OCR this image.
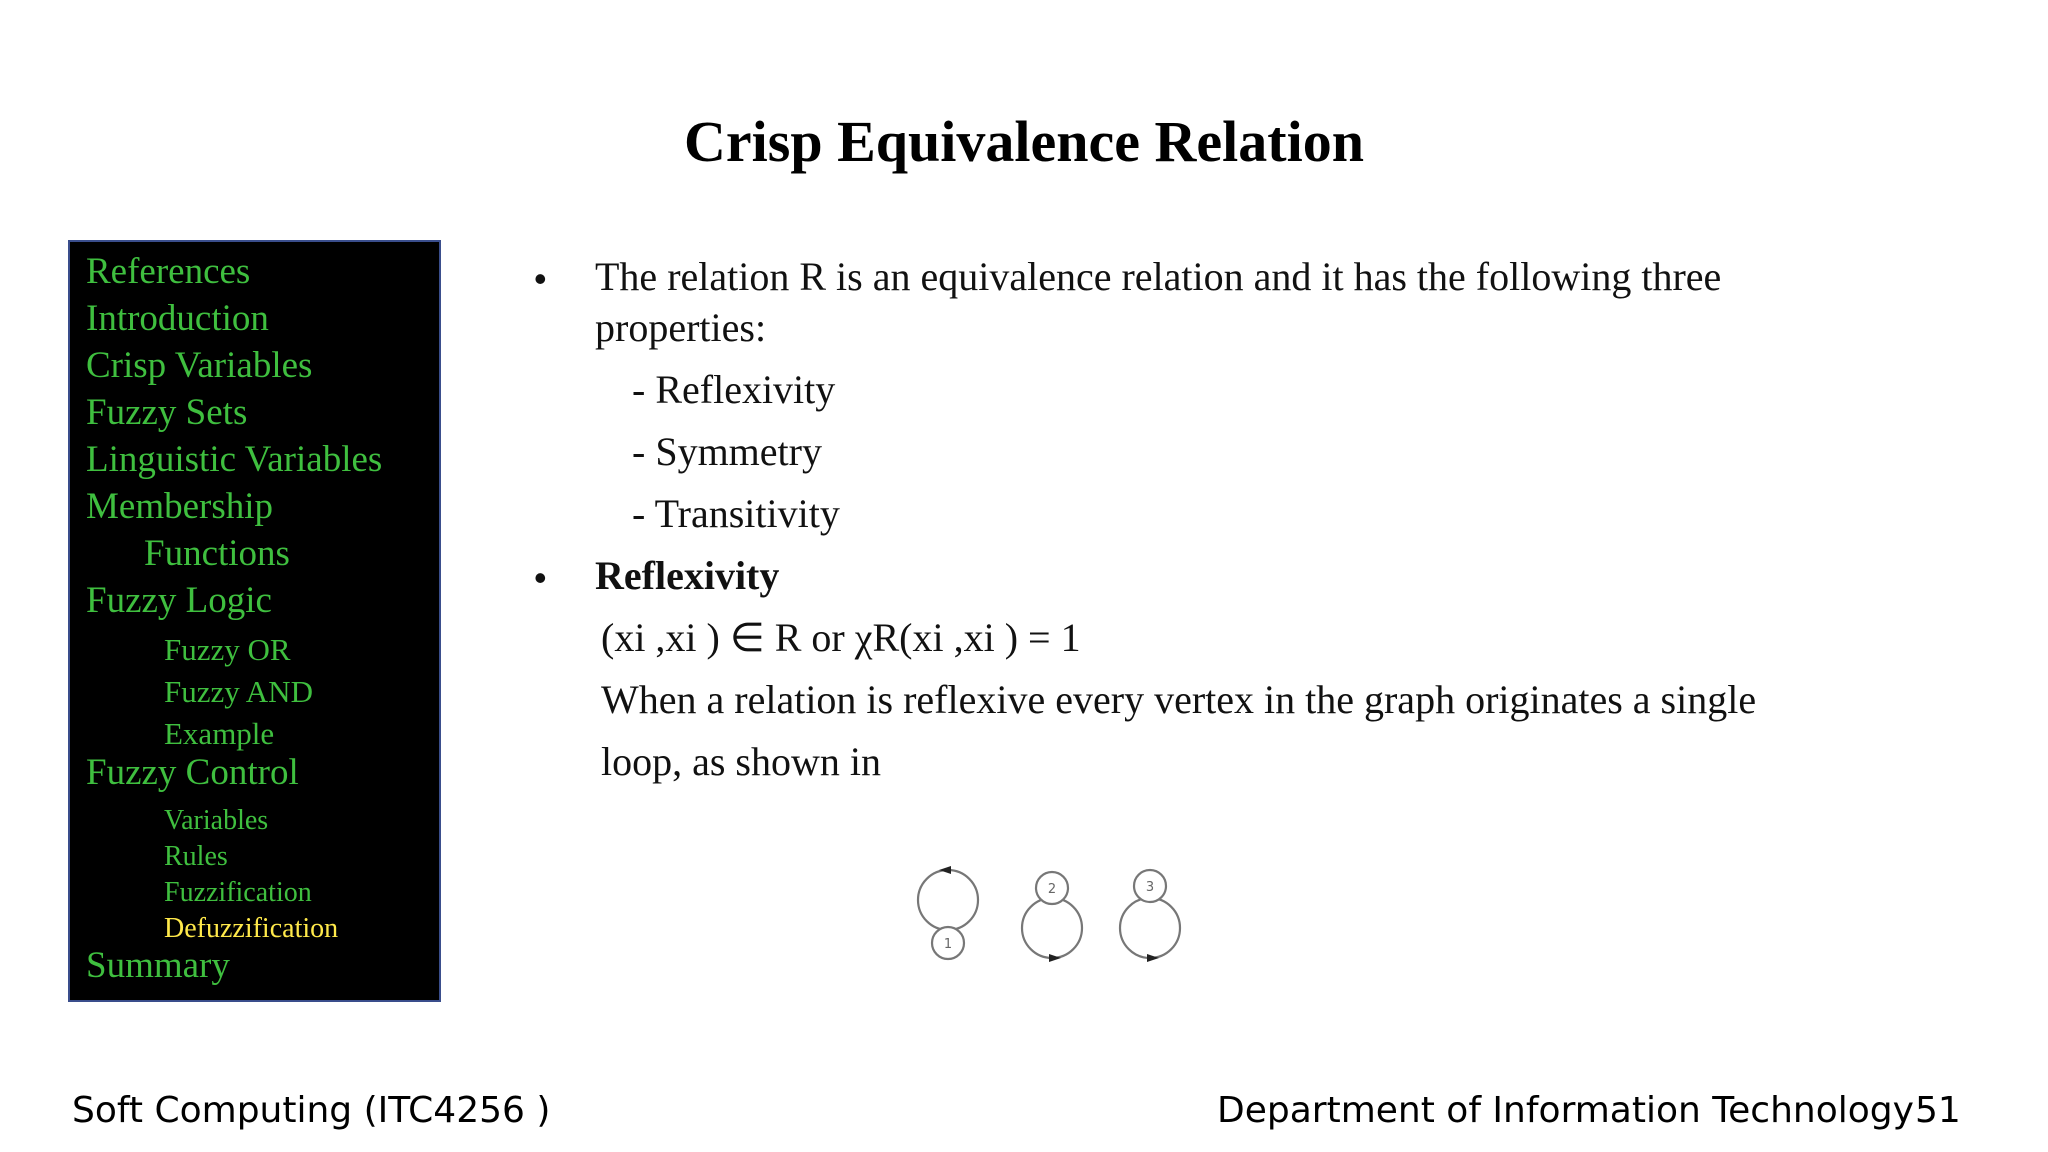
Crisp Equivalence Relation
References
Introduction
Crisp Variables
Fuzzy Sets
Linguistic Variables
Membership
Functions
Fuzzy Logic
Fuzzy OR
Fuzzy AND
Example
Fuzzy Control
Variables
Rules
Fuzzification
Defuzzification
Summary
• The relation R is an equivalence relation and it has the following three
properties:
- Reflexivity
- Symmetry
- Transitivity
• Reflexivity
(xi ,xi ) ∈ R or χR(xi ,xi ) = 1
When a relation is reflexive every vertex in the graph originates a single
loop, as shown in
1
2	3
Soft Computing (ITC4256 )	Department of Information Technology 51
